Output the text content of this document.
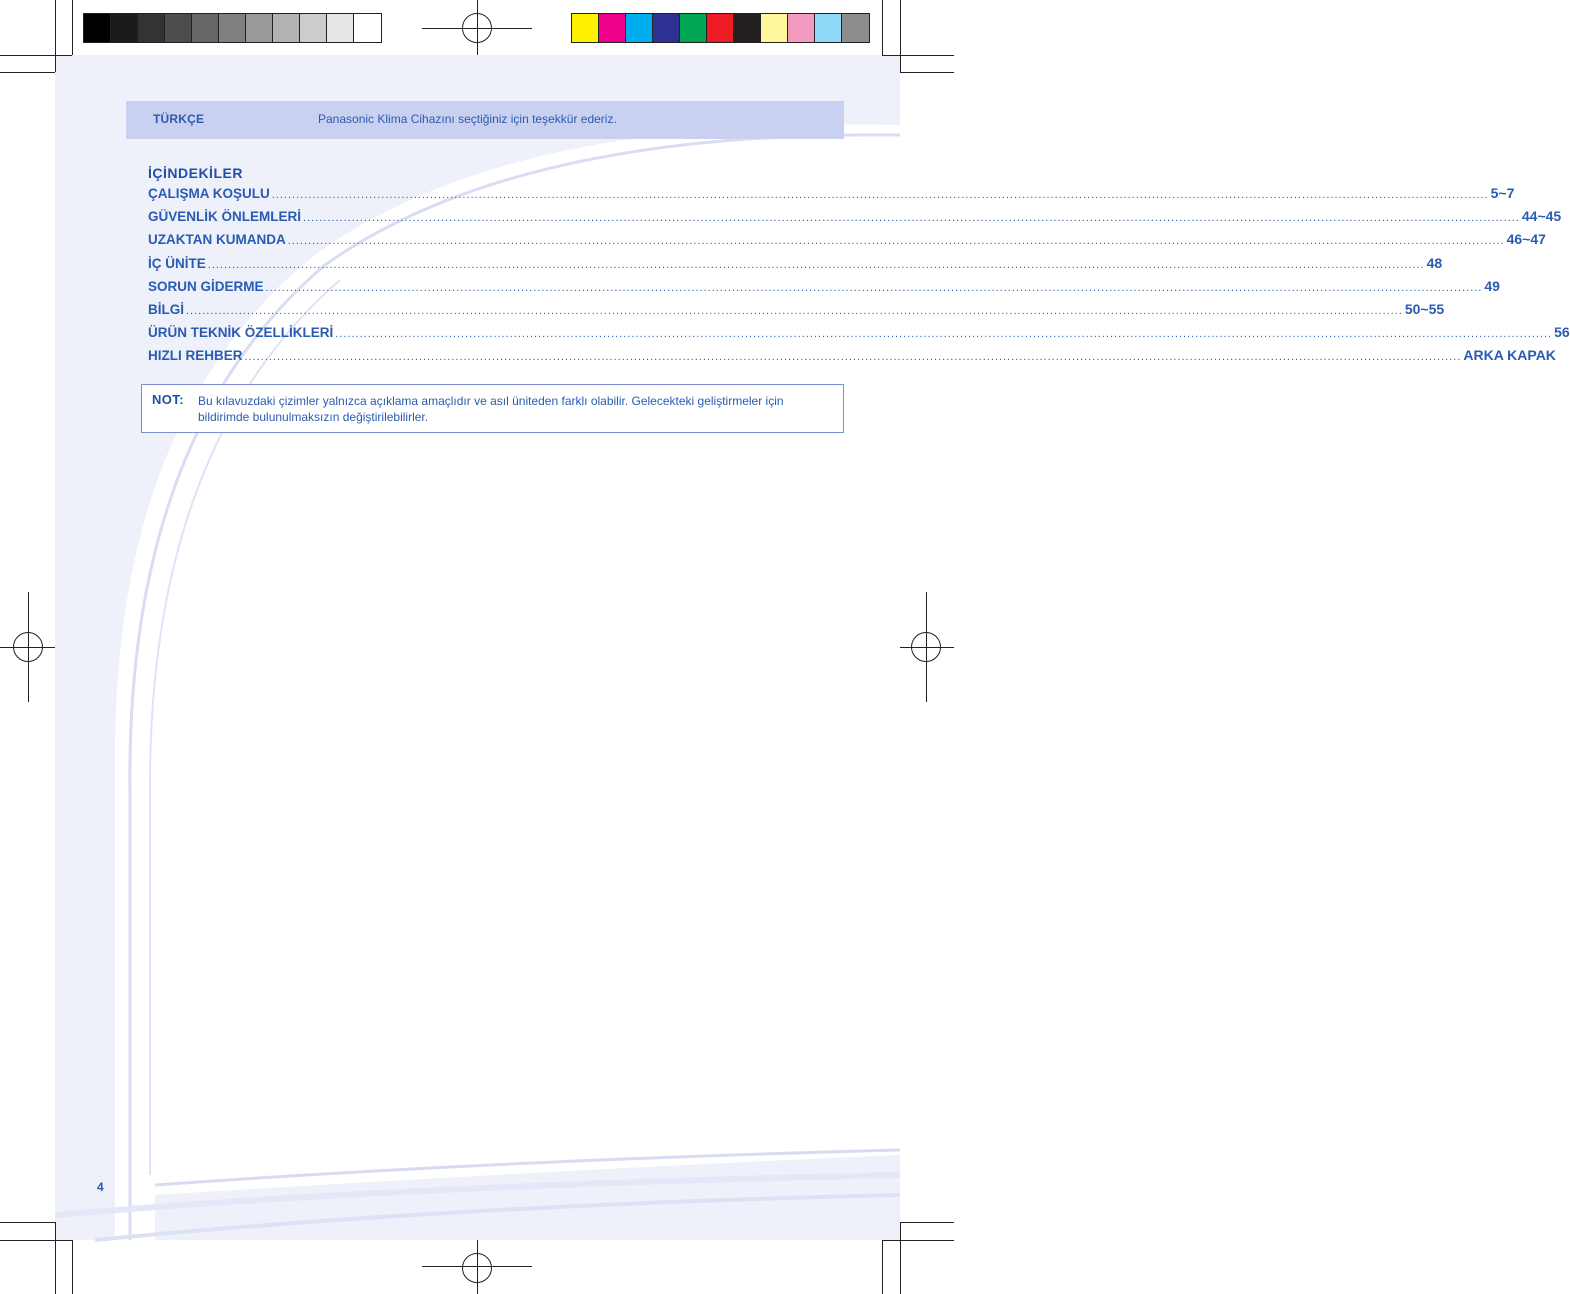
TÜRKÇE	Panasonic Klima Cihazını seçtiğiniz için teşekkür ederiz.
İÇİNDEKİLER
ÇALIŞMA KOŞULU ............................................................................................................................................................................................................................................................................................................ 5~7
GÜVENLİK ÖNLEMLERİ ............................................................................................................................................................................................................................................................................................................ 44~45
UZAKTAN KUMANDA ............................................................................................................................................................................................................................................................................................................ 46~47
İÇ ÜNİTE ............................................................................................................................................................................................................................................................................................................ 48
SORUN GİDERME ............................................................................................................................................................................................................................................................................................................ 49
BİLGİ ............................................................................................................................................................................................................................................................................................................ 50~55
ÜRÜN TEKNİK ÖZELLİKLERİ ............................................................................................................................................................................................................................................................................................................ 56
HIZLI REHBER ............................................................................................................................................................................................................................................................................................................ ARKA KAPAK
NOT: Bu kılavuzdaki çizimler yalnızca açıklama amaçlıdır ve asıl üniteden farklı olabilir. Gelecekteki geliştirmeler için bildirimde bulunulmaksızın değiştirilebilirler.
4
